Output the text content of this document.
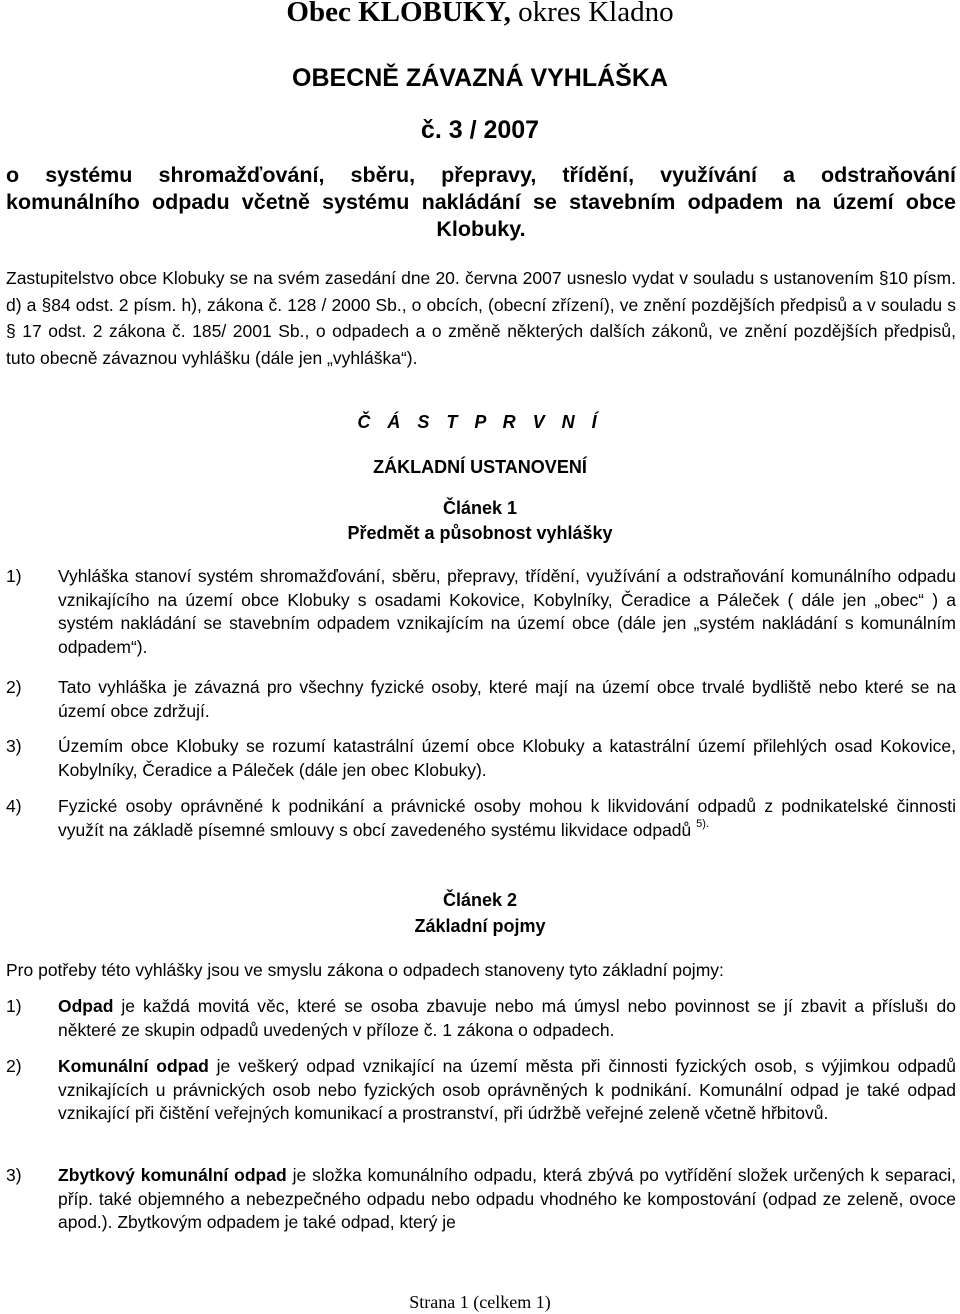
Obec KLOBUKY, okres Kladno
OBECNĚ ZÁVAZNÁ VYHLÁŠKA
č. 3 / 2007
o systému shromažďování, sběru, přepravy, třídění, využívání a odstraňování
komunálního odpadu včetně systému nakládání se stavebním odpadem na území obce
Klobuky.
Zastupitelstvo obce Klobuky se na svém zasedání dne 20. června 2007 usneslo vydat v souladu s ustanovením §10 písm. d) a §84 odst. 2 písm. h), zákona č. 128 / 2000 Sb., o obcích, (obecní zřízení), ve znění pozdějších předpisů a v souladu s § 17 odst. 2 zákona č. 185/ 2001 Sb., o odpadech a o změně některých dalších zákonů, ve znění pozdějších předpisů, tuto obecně závaznou vyhlášku (dále jen „vyhláška“).
Č Á S T P R V N Í
ZÁKLADNÍ USTANOVENÍ
Článek 1
Předmět a působnost vyhlášky
1) Vyhláška stanoví systém shromažďování, sběru, přepravy, třídění, využívání a odstraňování komunálního odpadu vznikajícího na území obce Klobuky s osadami Kokovice, Kobylníky, Čeradice a Páleček ( dále jen „obec“ ) a systém nakládání se stavebním odpadem vznikajícím na území obce (dále jen „systém nakládání s komunálním odpadem“).
2) Tato vyhláška je závazná pro všechny fyzické osoby, které mají na území obce trvalé bydliště nebo které se na území obce zdržují.
3) Územím obce Klobuky se rozumí katastrální území obce Klobuky a katastrální území přilehlých osad Kokovice, Kobylníky, Čeradice a Páleček (dále jen obec Klobuky).
4) Fyzické osoby oprávněné k podnikání a právnické osoby mohou k likvidování odpadů z podnikatelské činnosti využít na základě písemné smlouvy s obcí zavedeného systému likvidace odpadů $^{5).}$
Článek 2
Základní pojmy
Pro potřeby této vyhlášky jsou ve smyslu zákona o odpadech stanoveny tyto základní pojmy:
1) Odpad je každá movitá věc, které se osoba zbavuje nebo má úmysl nebo povinnost se jí zbavit a příslušı do některé ze skupin odpadů uvedených v příloze č. 1 zákona o odpadech.
2) Komunální odpad je veškerý odpad vznikající na území města při činnosti fyzických osob, s výjimkou odpadů vznikajících u právnických osob nebo fyzických osob oprávněných k podnikání. Komunální odpad je také odpad vznikající při čištění veřejných komunikací a prostranství, při údržbě veřejné zeleně včetně hřbitovů.
3) Zbytkový komunální odpad je složka komunálního odpadu, která zbývá po vytřídění složek určených k separaci, příp. také objemného a nebezpečného odpadu nebo odpadu vhodného ke kompostování (odpad ze zeleně, ovoce apod.). Zbytkovým odpadem je také odpad, který je
Strana 1 (celkem 1)
